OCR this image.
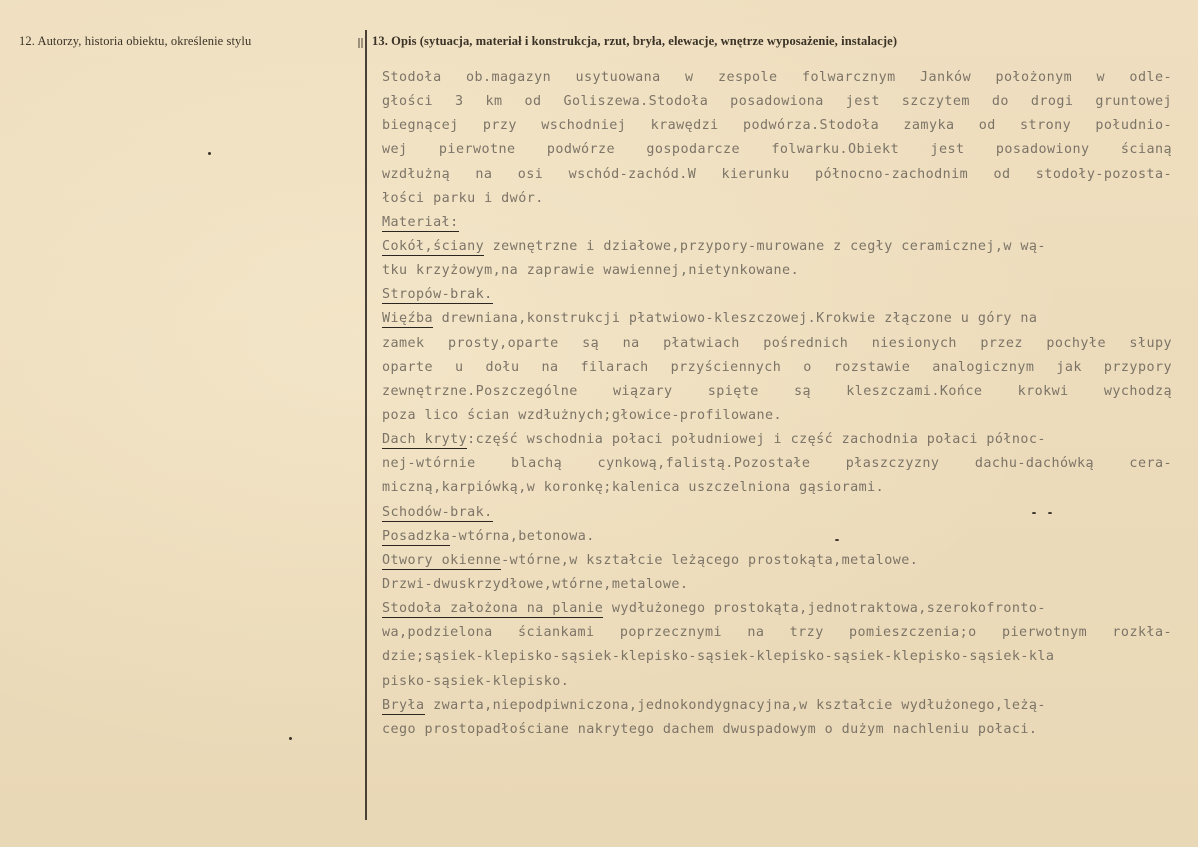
12. Autorzy, historia obiektu, określenie stylu	13. Opis (sytuacja, materiał i konstrukcja, rzut, bryła, elewacje, wnętrze wyposażenie, instalacje)
Stodoła ob.magazyn usytuowana w zespole folwarcznym Janków położonym w odle-
głości 3 km od Goliszewa.Stodoła posadowiona jest szczytem do drogi gruntowej
biegnącej przy wschodniej krawędzi podwórza.Stodoła zamyka od strony południo-
wej pierwotne podwórze gospodarcze folwarku.Obiekt jest posadowiony ścianą
wzdłużną na osi wschód-zachód.W kierunku północno-zachodnim od stodoły-pozosta-
łości parku i dwór.
Materiał:
Cokół,ściany zewnętrzne i działowe,przypory-murowane z cegły ceramicznej,w wą-
tku krzyżowym,na zaprawie wawiennej,nietynkowane.
Stropów-brak.
Więźba drewniana,konstrukcji płatwiowo-kleszczowej.Krokwie złączone u góry na
zamek prosty,oparte są na płatwiach pośrednich niesionych przez pochyłe słupy
oparte u dołu na filarach przyściennych o rozstawie analogicznym jak przypory
zewnętrzne.Poszczególne wiązary spięte są kleszczami.Końce krokwi wychodzą
poza lico ścian wzdłużnych;głowice-profilowane.
Dach kryty:część wschodnia połaci południowej i część zachodnia połaci północ-
nej-wtórnie blachą cynkową,falistą.Pozostałe płaszczyzny dachu-dachówką cera-
miczną,karpiówką,w koronkę;kalenica uszczelniona gąsiorami.
Schodów-brak.
Posadzka-wtórna,betonowa.
Otwory okienne-wtórne,w kształcie leżącego prostokąta,metalowe.
Drzwi-dwuskrzydłowe,wtórne,metalowe.
Stodoła założona na planie wydłużonego prostokąta,jednotraktowa,szerokofronto-
wa,podzielona ściankami poprzecznymi na trzy pomieszczenia;o pierwotnym rozkła-
dzie;sąsiek-klepisko-sąsiek-klepisko-sąsiek-klepisko-sąsiek-klepisko-sąsiek-kla
pisko-sąsiek-klepisko.
Bryła zwarta,niepodpiwniczona,jednokondygnacyjna,w kształcie wydłużonego,leżą-
cego prostopadłościane nakrytego dachem dwuspadowym o dużym nachleniu połaci.
